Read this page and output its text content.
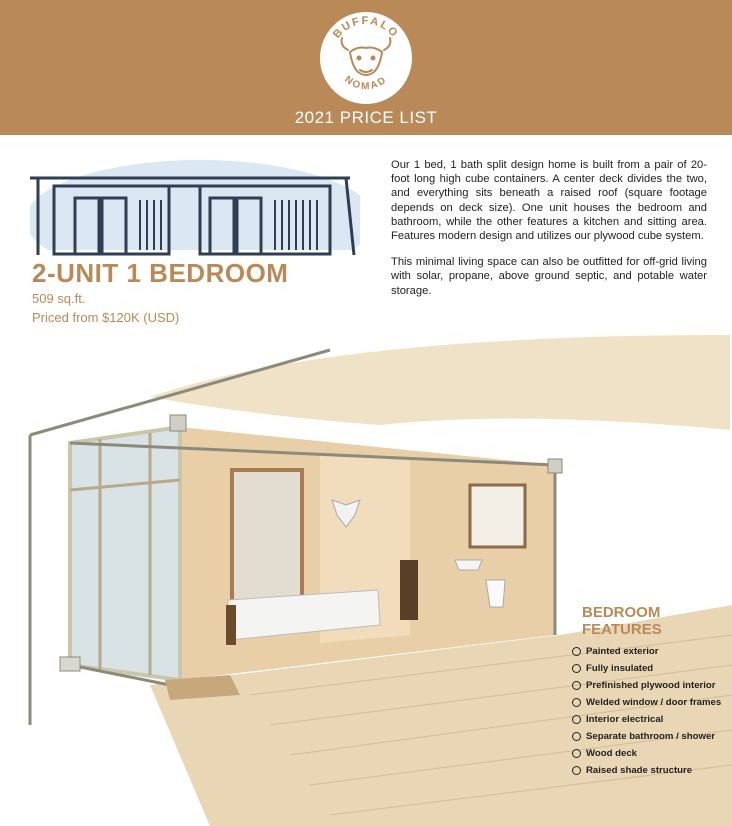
BUFFALO
NOMAD
2021 PRICE LIST
2-UNIT 1 BEDROOM
509 sq.ft.
Priced from $120K (USD)

Our 1 bed, 1 bath split design home is built from a pair of 20-foot long high cube containers. A center deck divides the two, and everything sits beneath a raised roof (square footage depends on deck size). One unit houses the bedroom and bathroom, while the other features a kitchen and sitting area. Features modern design and utilizes our plywood cube system.

This minimal living space can also be outfitted for off-grid living with solar, propane, above ground septic, and potable water storage.

BEDROOM
FEATURES
Painted exterior
Fully insulated
Prefinished plywood interior
Welded window / door frames
Interior electrical
Separate bathroom / shower
Wood deck
Raised shade structure
